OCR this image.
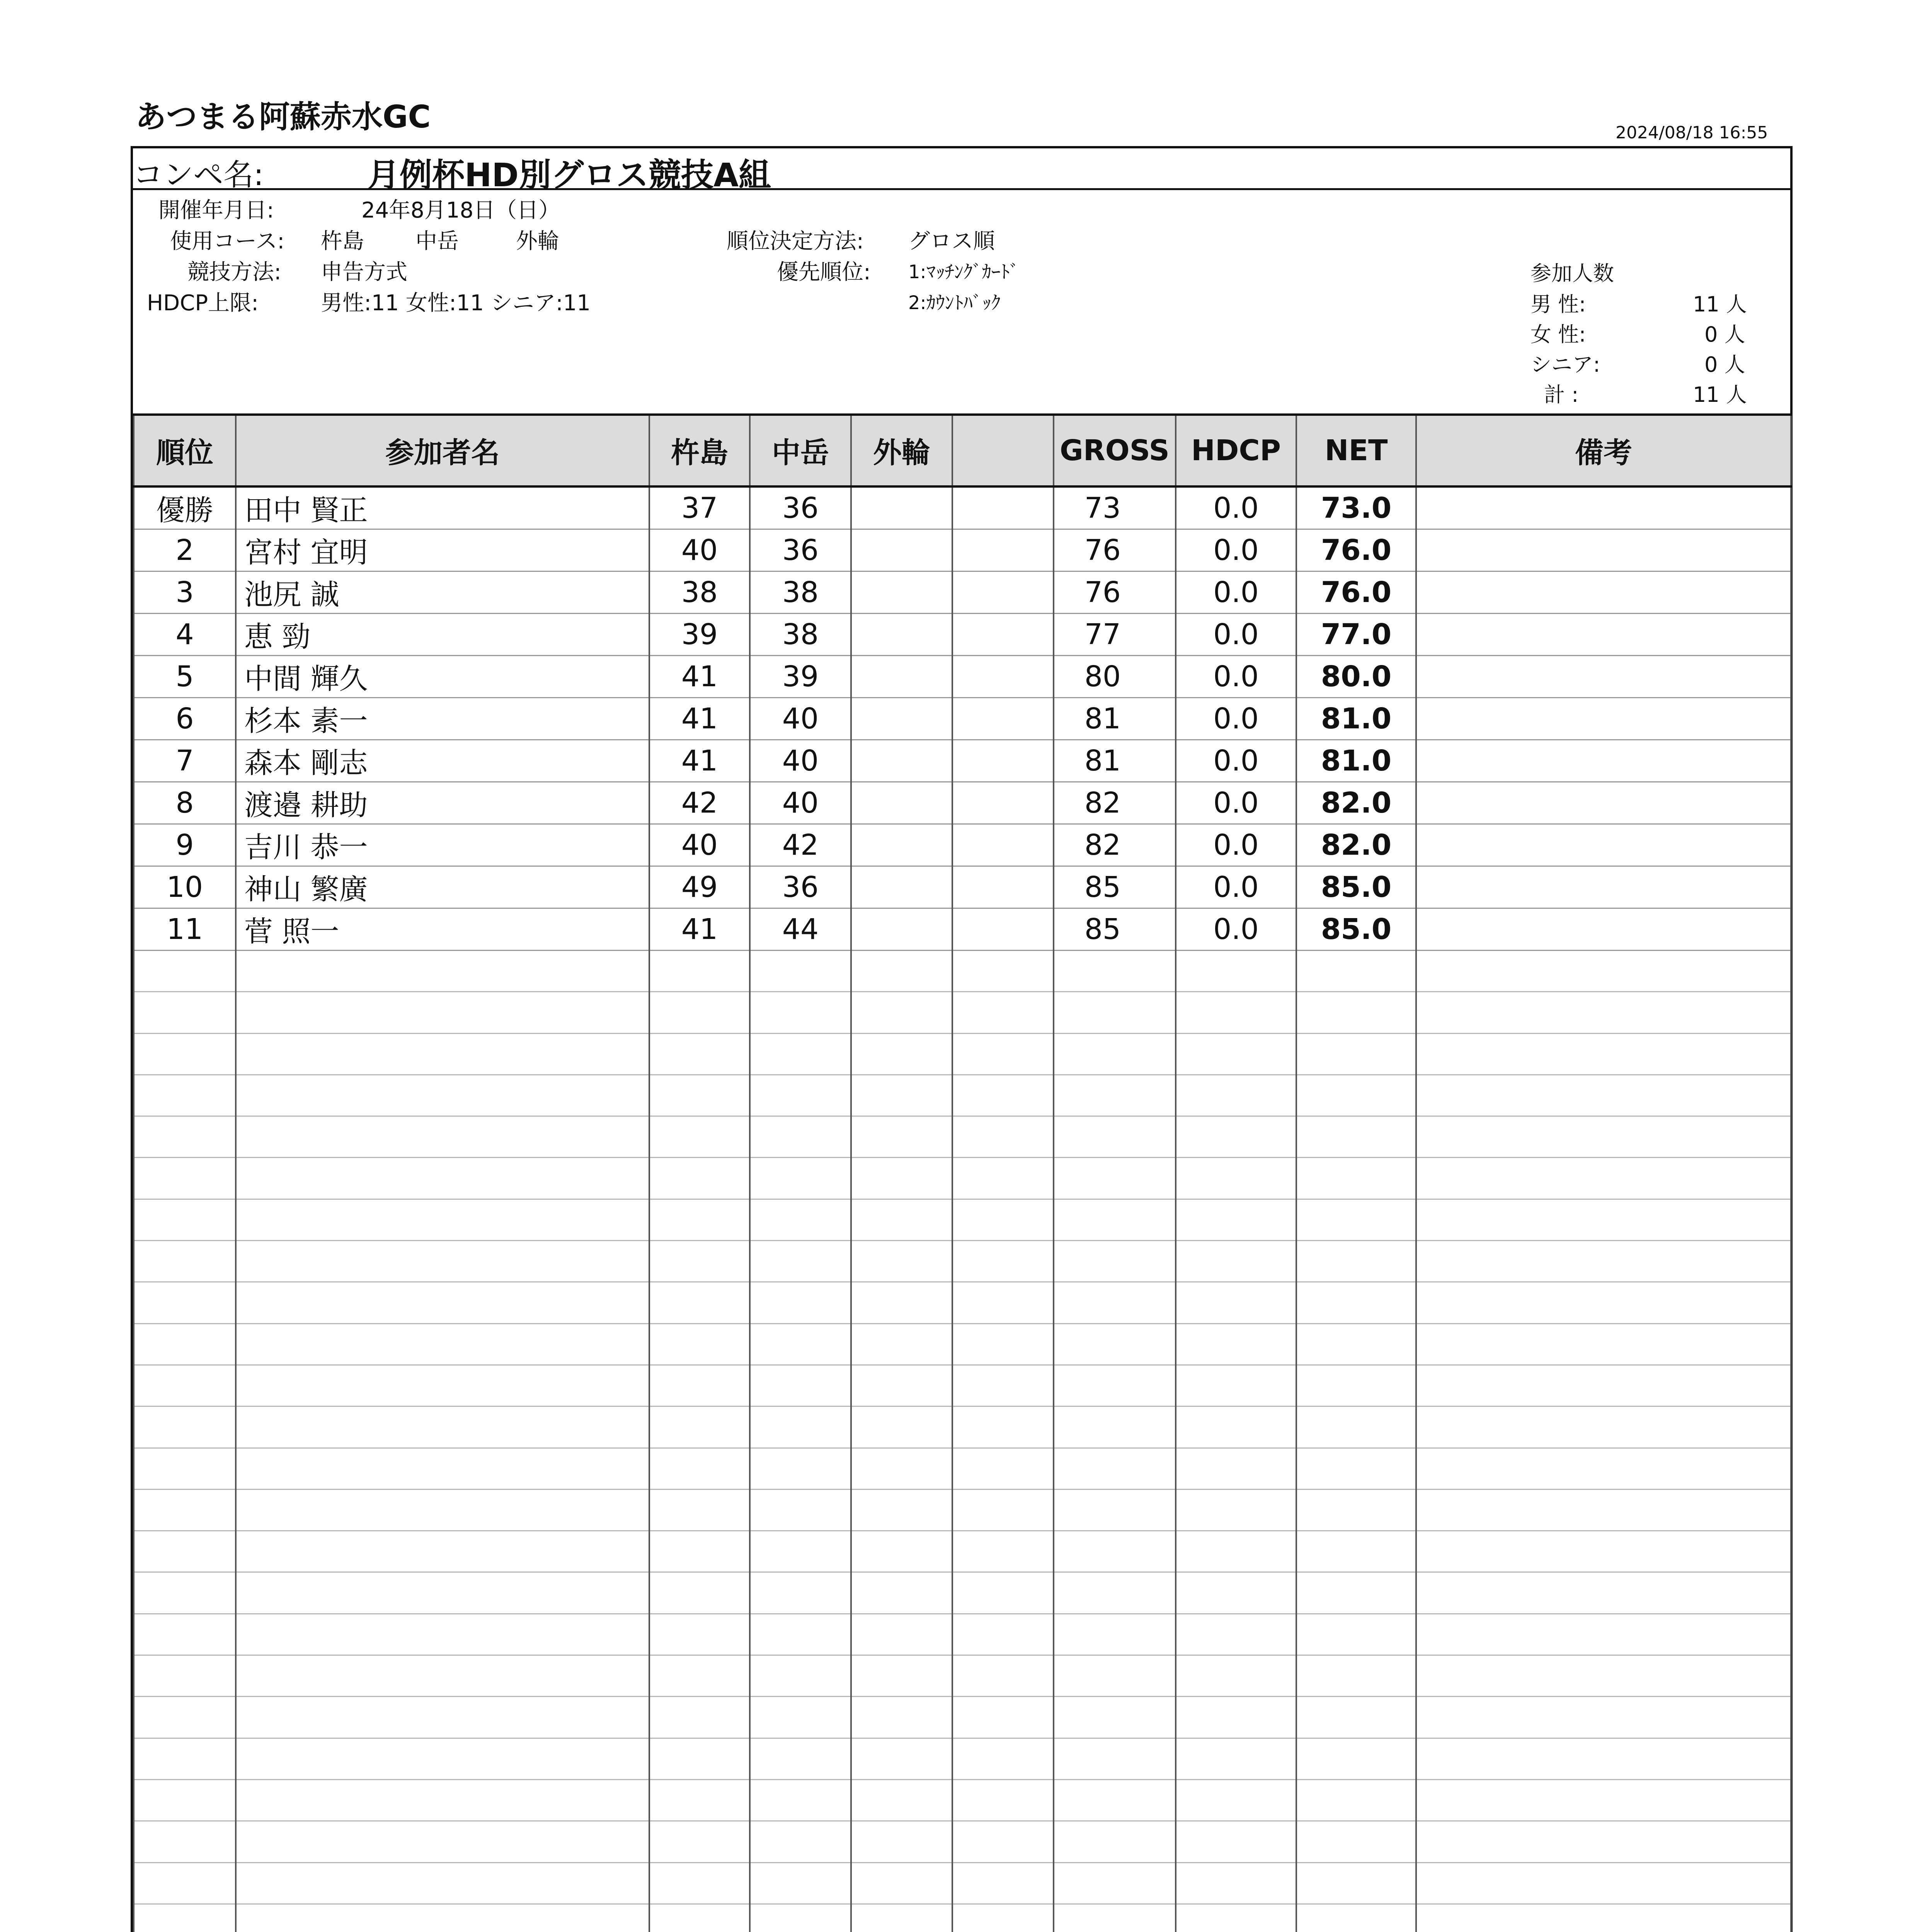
あつまる阿蘇赤水GC	2024/08/18 16:55
コンペ名:	月例杯HD別グロス競技A組
開催年月日:	24年8月18日（日）
使用コース: 杵島 中岳	外輪
競技方法: 申告方式
HDCP上限:	男性:11 女性:11 シニア:11
順位決定方法: グロス順
優先順位: 1:ﾏｯﾁﾝｸﾞｶｰﾄﾞ
2:ｶｳﾝﾄﾊﾞｯｸ
参加人数
男 性:	11 人
女 性:	0 人
シニア:	0 人
計 :	11 人
順位	参加者名	杵島	中岳	外輪		GROSS	HDCP	NET	備考
優勝	田中 賢正	37	36			73	0.0	73.0	
2	宮村 宜明	40	36			76	0.0	76.0	
3	池尻 誠	38	38			76	0.0	76.0	
4	恵 勁	39	38			77	0.0	77.0	
5	中間 輝久	41	39			80	0.0	80.0	
6	杉本 素一	41	40			81	0.0	81.0	
7	森本 剛志	41	40			81	0.0	81.0	
8	渡邉 耕助	42	40			82	0.0	82.0	
9	吉川 恭一	40	42			82	0.0	82.0	
10	神山 繁廣	49	36			85	0.0	85.0	
11	菅 照一	41	44			85	0.0	85.0	
